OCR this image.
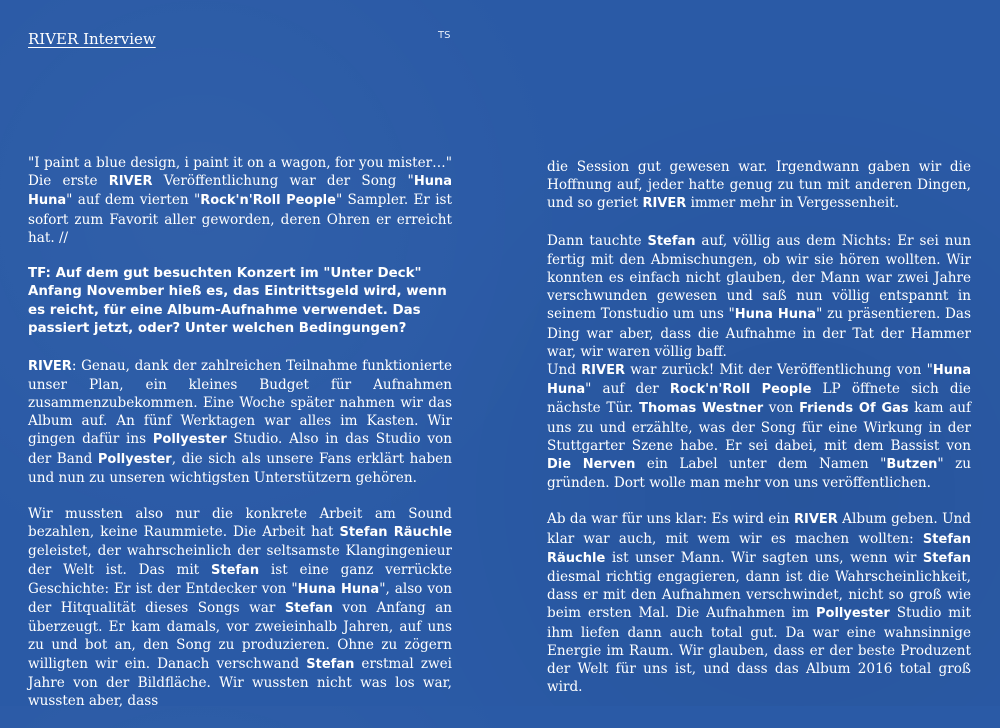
RIVER Interview	TS

"I paint a blue design, i paint it on a wagon, for you mister…" Die erste RIVER Veröffentlichung war der Song "Huna Huna" auf dem vierten "Rock'n'Roll People" Sampler. Er ist sofort zum Favorit aller geworden, deren Ohren er erreicht hat. //

TF: Auf dem gut besuchten Konzert im "Unter Deck" Anfang November hieß es, das Eintrittsgeld wird, wenn es reicht, für eine Album-Aufnahme verwendet. Das passiert jetzt, oder? Unter welchen Bedingungen?

RIVER: Genau, dank der zahlreichen Teilnahme funktionierte unser Plan, ein kleines Budget für Aufnahmen zusammenzubekommen. Eine Woche später nahmen wir das Album auf. An fünf Werktagen war alles im Kasten. Wir gingen dafür ins Pollyester Studio. Also in das Studio von der Band Pollyester, die sich als unsere Fans erklärt haben und nun zu unseren wichtigsten Unterstützern gehören.

Wir mussten also nur die konkrete Arbeit am Sound bezahlen, keine Raummiete. Die Arbeit hat Stefan Räuchle geleistet, der wahrscheinlich der seltsamste Klangingenieur der Welt ist. Das mit Stefan ist eine ganz verrückte Geschichte: Er ist der Entdecker von "Huna Huna", also von der Hitqualität dieses Songs war Stefan von Anfang an überzeugt. Er kam damals, vor zweieinhalb Jahren, auf uns zu und bot an, den Song zu produzieren. Ohne zu zögern willigten wir ein. Danach verschwand Stefan erstmal zwei Jahre von der Bildfläche. Wir wussten nicht was los war, wussten aber, dass

die Session gut gewesen war. Irgendwann gaben wir die Hoffnung auf, jeder hatte genug zu tun mit anderen Dingen, und so geriet RIVER immer mehr in Vergessenheit.

Dann tauchte Stefan auf, völlig aus dem Nichts: Er sei nun fertig mit den Abmischungen, ob wir sie hören wollten. Wir konnten es einfach nicht glauben, der Mann war zwei Jahre verschwunden gewesen und saß nun völlig entspannt in seinem Tonstudio um uns "Huna Huna" zu präsentieren. Das Ding war aber, dass die Aufnahme in der Tat der Hammer war, wir waren völlig baff.

Und RIVER war zurück! Mit der Veröffentlichung von "Huna Huna" auf der Rock'n'Roll People LP öffnete sich die nächste Tür. Thomas Westner von Friends Of Gas kam auf uns zu und erzählte, was der Song für eine Wirkung in der Stuttgarter Szene habe. Er sei dabei, mit dem Bassist von Die Nerven ein Label unter dem Namen "Butzen" zu gründen. Dort wolle man mehr von uns veröffentlichen.

Ab da war für uns klar: Es wird ein RIVER Album geben. Und klar war auch, mit wem wir es machen wollten: Stefan Räuchle ist unser Mann. Wir sagten uns, wenn wir Stefan diesmal richtig engagieren, dann ist die Wahrscheinlichkeit, dass er mit den Aufnahmen verschwindet, nicht so groß wie beim ersten Mal. Die Aufnahmen im Pollyester Studio mit ihm liefen dann auch total gut. Da war eine wahnsinnige Energie im Raum. Wir glauben, dass er der beste Produzent der Welt für uns ist, und dass das Album 2016 total groß wird.
